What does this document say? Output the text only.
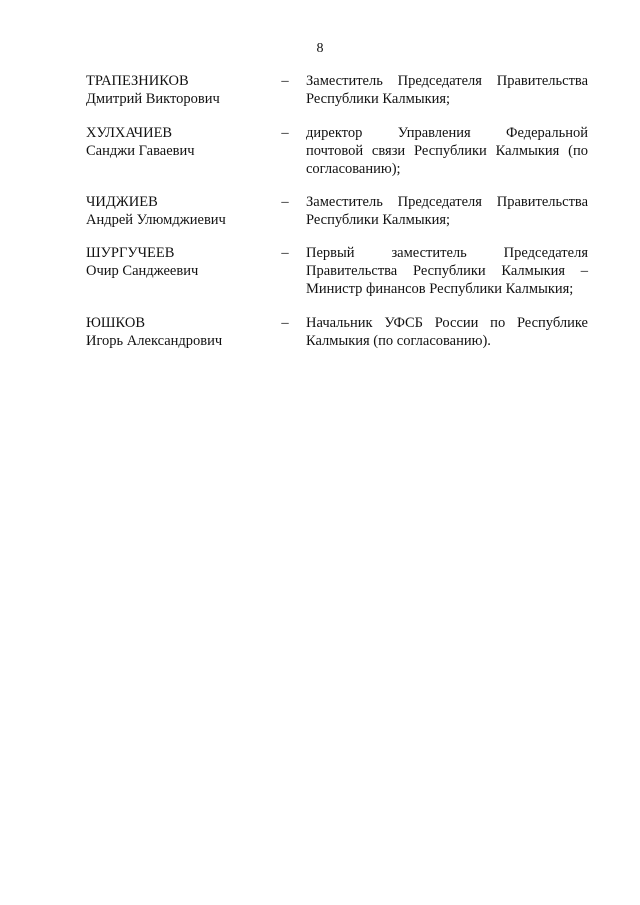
8
ТРАПЕЗНИКОВ
Дмитрий Викторович
– Заместитель Председателя Правительства
Республики Калмыкия;
ХУЛХАЧИЕВ
Санджи Гаваевич
– директор Управления Федеральной
почтовой связи Республики Калмыкия (по
согласованию);
ЧИДЖИЕВ
Андрей Улюмджиевич
– Заместитель Председателя Правительства
Республики Калмыкия;
ШУРГУЧЕЕВ
Очир Санджеевич
– Первый заместитель Председателя
Правительства Республики Калмыкия –
Министр финансов Республики Калмыкия;
ЮШКОВ
Игорь Александрович
– Начальник УФСБ России по Республике
Калмыкия (по согласованию).
